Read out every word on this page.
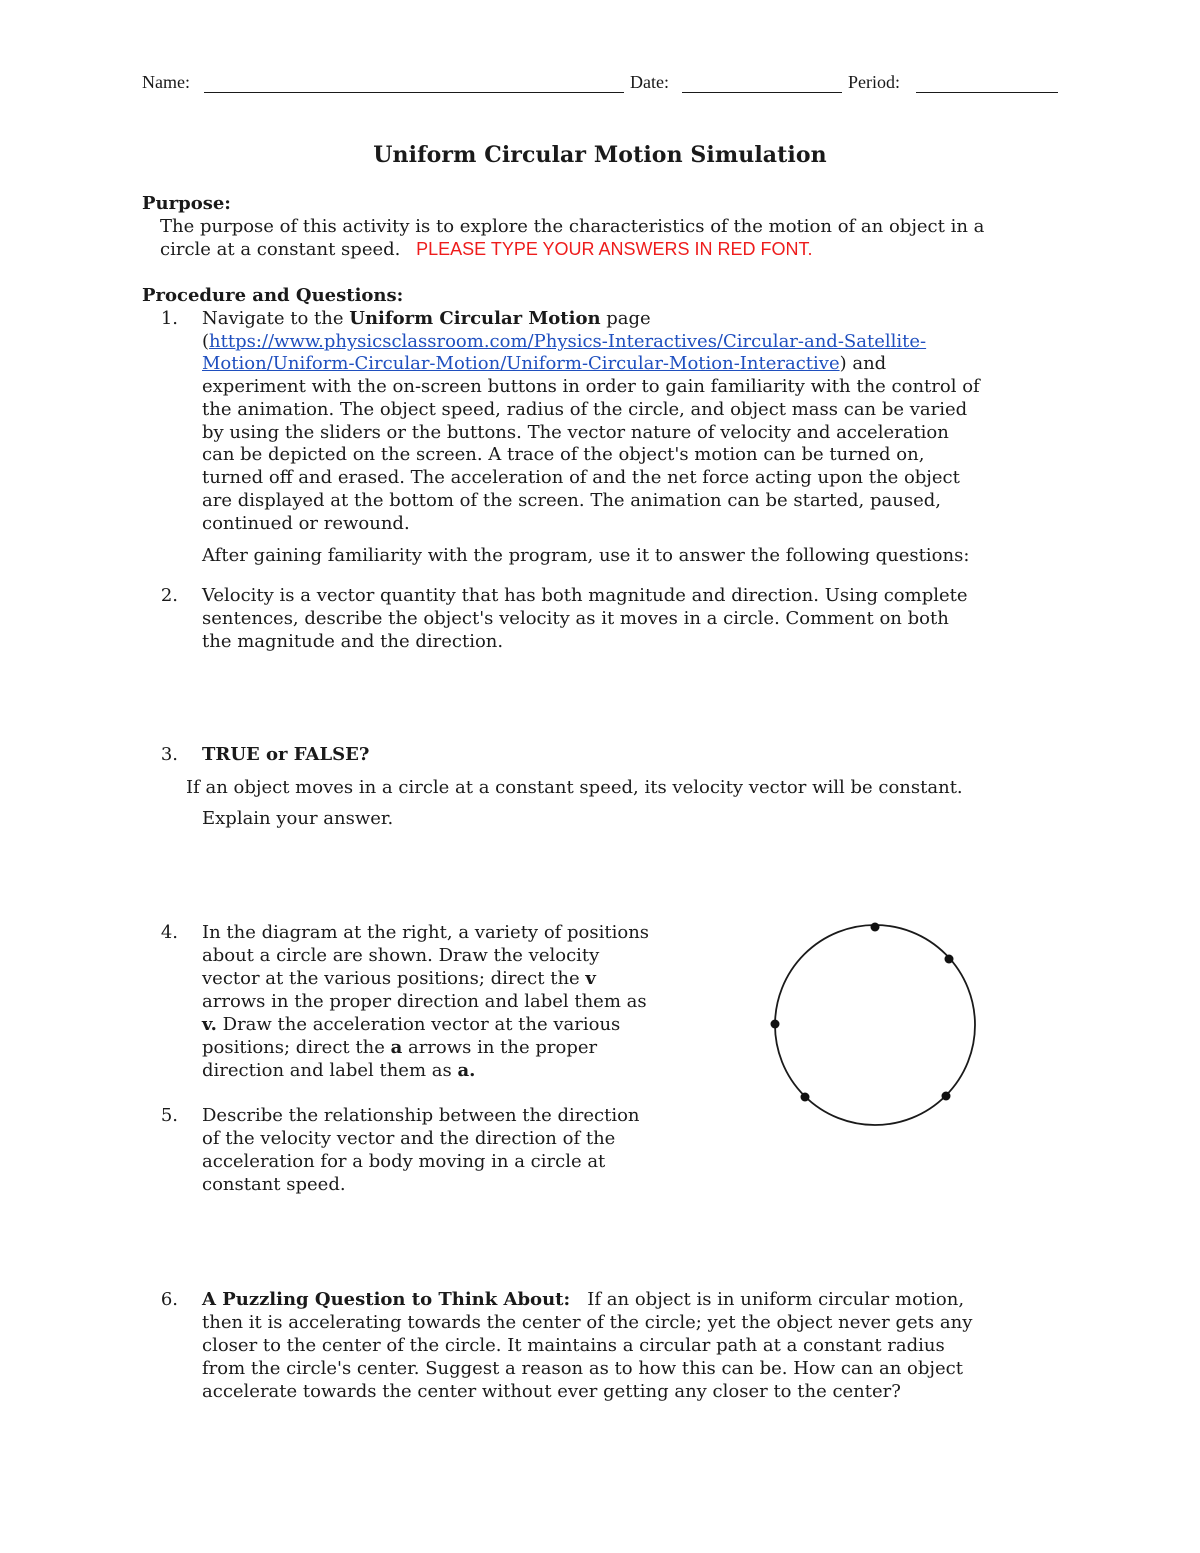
Name:	Date:	Period:
Uniform Circular Motion Simulation
Purpose:
The purpose of this activity is to explore the characteristics of the motion of an object in a
circle at a constant speed. PLEASE TYPE YOUR ANSWERS IN RED FONT.
Procedure and Questions:
1. Navigate to the Uniform Circular Motion page
(https://www.physicsclassroom.com/Physics-Interactives/Circular-and-Satellite-
Motion/Uniform-Circular-Motion/Uniform-Circular-Motion-Interactive) and
experiment with the on-screen buttons in order to gain familiarity with the control of
the animation. The object speed, radius of the circle, and object mass can be varied
by using the sliders or the buttons. The vector nature of velocity and acceleration
can be depicted on the screen. A trace of the object's motion can be turned on,
turned off and erased. The acceleration of and the net force acting upon the object
are displayed at the bottom of the screen. The animation can be started, paused,
continued or rewound.
After gaining familiarity with the program, use it to answer the following questions:
2. Velocity is a vector quantity that has both magnitude and direction. Using complete
sentences, describe the object's velocity as it moves in a circle. Comment on both
the magnitude and the direction.
3. TRUE or FALSE?
If an object moves in a circle at a constant speed, its velocity vector will be constant.
Explain your answer.
4. In the diagram at the right, a variety of positions
about a circle are shown. Draw the velocity
vector at the various positions; direct the v
arrows in the proper direction and label them as
v. Draw the acceleration vector at the various
positions; direct the a arrows in the proper
direction and label them as a.
5. Describe the relationship between the direction
of the velocity vector and the direction of the
acceleration for a body moving in a circle at
constant speed.
6. A Puzzling Question to Think About:   If an object is in uniform circular motion,
then it is accelerating towards the center of the circle; yet the object never gets any
closer to the center of the circle. It maintains a circular path at a constant radius
from the circle's center. Suggest a reason as to how this can be. How can an object
accelerate towards the center without ever getting any closer to the center?
